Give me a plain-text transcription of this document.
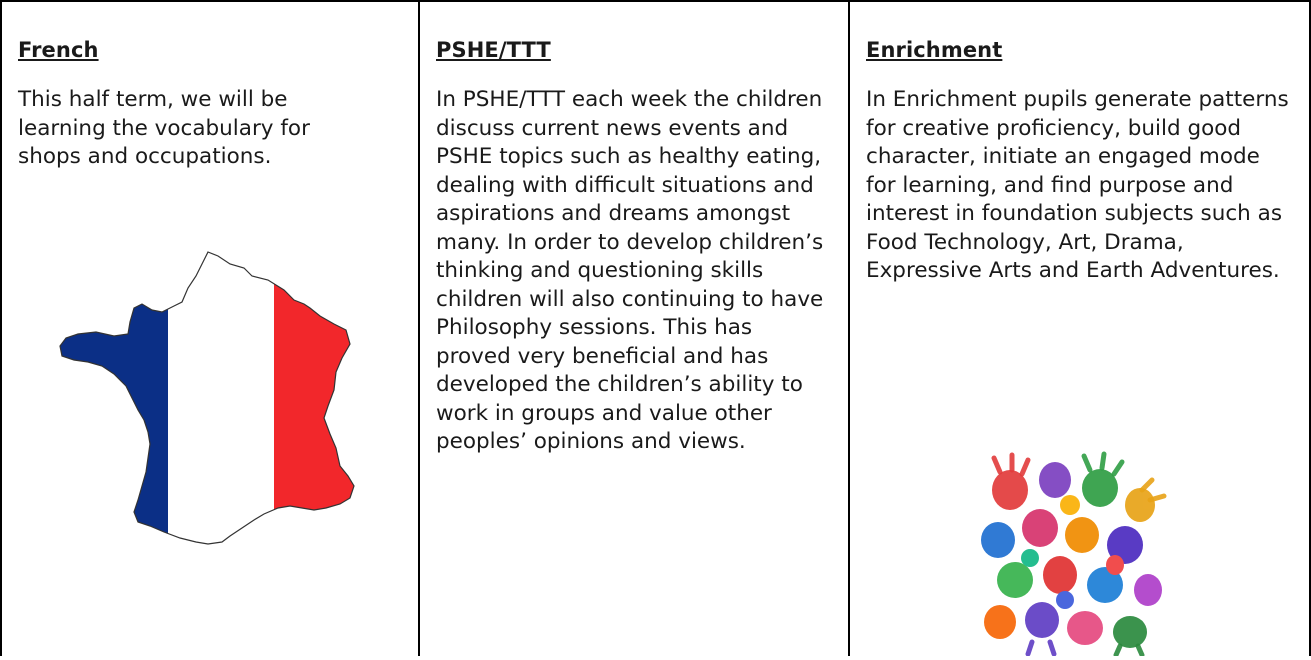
French

This half term, we will be learning the vocabulary for shops and occupations.

PSHE/TTT

In PSHE/TTT each week the children discuss current news events and PSHE topics such as healthy eating, dealing with difficult situations and aspirations and dreams amongst many. In order to develop children’s thinking and questioning skills children will also continuing to have Philosophy sessions. This has proved very beneficial and has developed the children’s ability to work in groups and value other peoples’ opinions and views.

Enrichment

In Enrichment pupils generate patterns for creative proficiency, build good character, initiate an engaged mode for learning, and find purpose and interest in foundation subjects such as Food Technology, Art, Drama, Expressive Arts and Earth Adventures.
